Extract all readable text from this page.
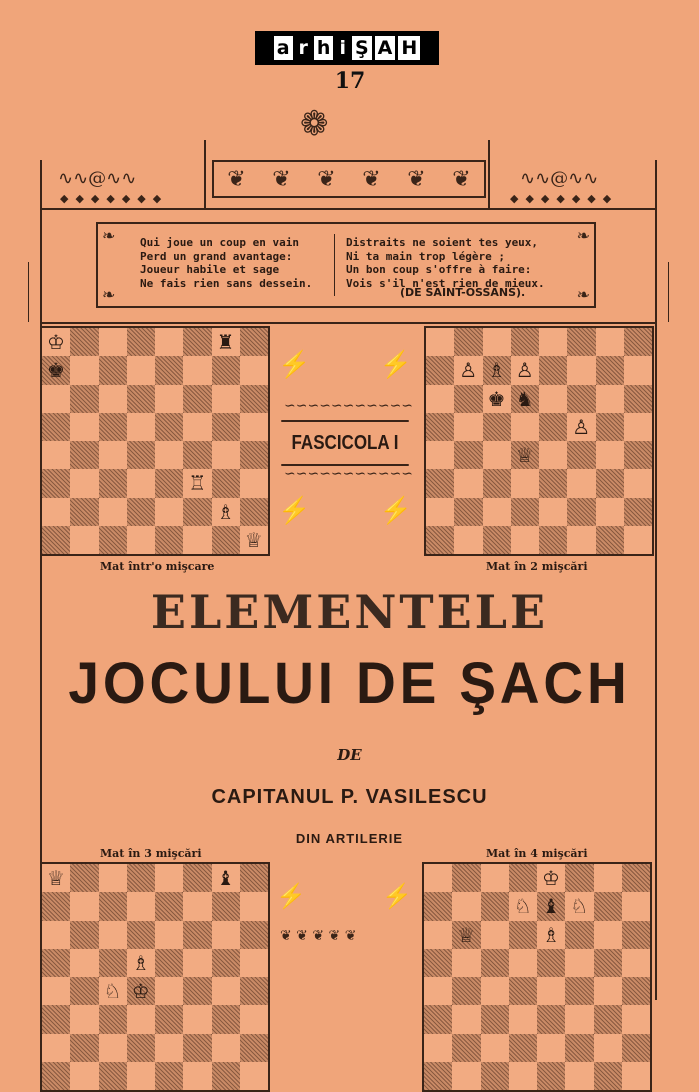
a r h i Ş A H
17
❦ ❦ ❦ ❦ ❦ ❦
❁
∿∿@∿∿
◆◆◆◆◆◆◆
∿∿@∿∿
◆◆◆◆◆◆◆
❧	❧
❧	❧
Qui joue un coup en vain
Perd un grand avantage:
Joueur habile et sage
Ne fais rien sans dessein.
Distraits ne soient tes yeux,
Ni ta main trop légère ;
Un bon coup s'offre à faire:
Vois s'il n'est rien de mieux.
(DE SAINT-OSSANS).
♔
♚
♜
♖
♗
♕
♙ ♗ ♙
♚ ♞
♙
♕
♕	♝
♗
♘ ♔
♔
♘ ♝ ♘
♕	♗
Mat într'o mişcare	Mat în 2 mişcări
Mat în 3 mişcări	Mat în 4 mişcări
⚡	⚡
∽∽∽∽∽∽∽∽∽∽∽
∽∽∽∽∽∽∽∽∽∽∽
⚡	⚡
FASCICOLA I
ELEMENTELE
JOCULUI DE ŞACH
DE
CAPITANUL P. VASILESCU
DIN ARTILERIE
⚡	⚡
❦ ❦ ❦ ❦ ❦
